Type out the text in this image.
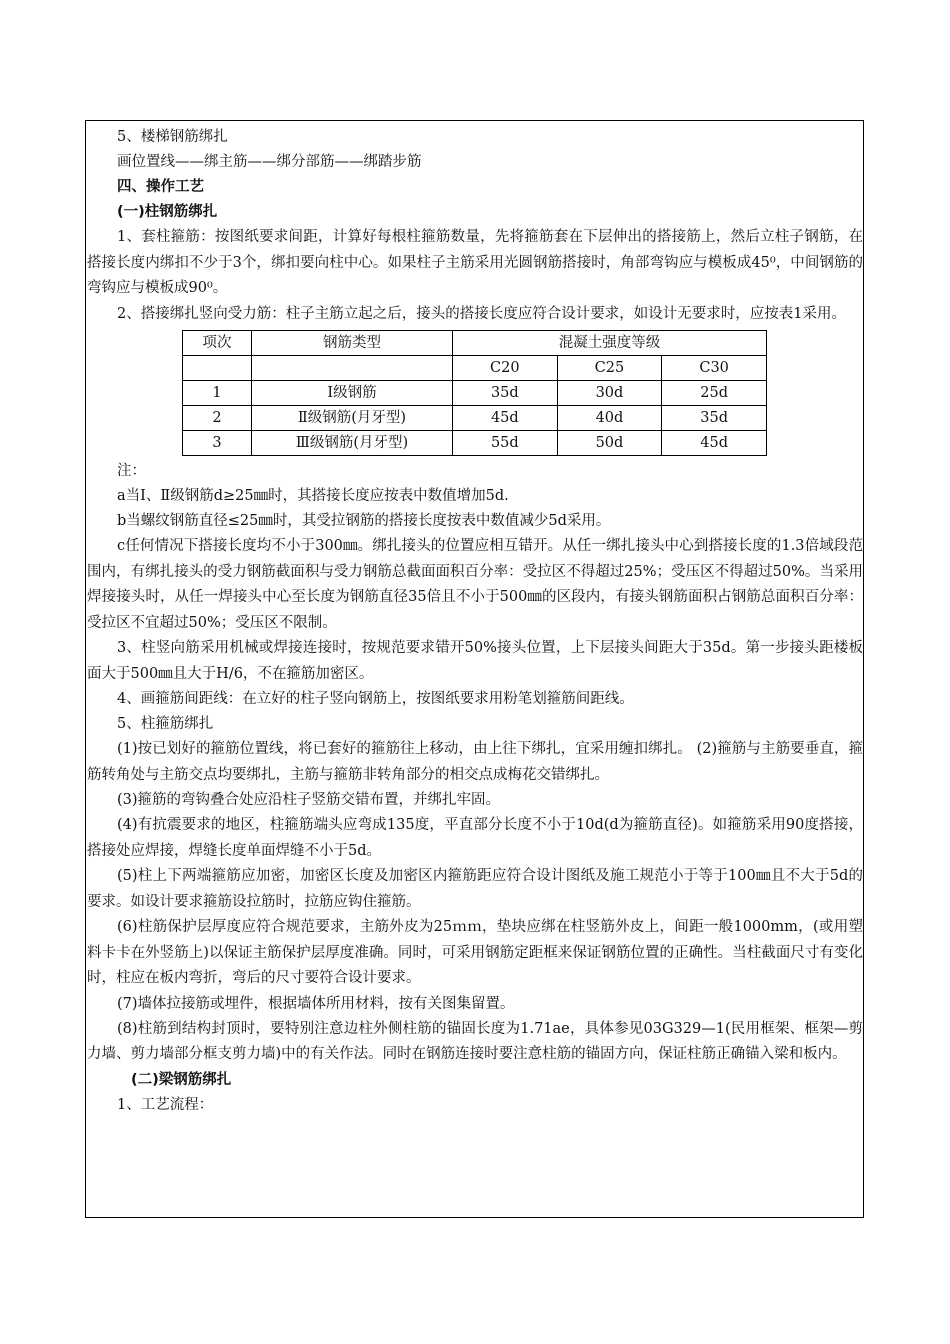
5、楼梯钢筋绑扎

画位置线——绑主筋——绑分部筋——绑踏步筋

四、操作工艺

(一)柱钢筋绑扎

1、套柱箍筋：按图纸要求间距，计算好每根柱箍筋数量，先将箍筋套在下层伸出的搭接筋上，然后立柱子钢筋，在搭接长度内绑扣不少于3个，绑扣要向柱中心。如果柱子主筋采用光圆钢筋搭接时，角部弯钩应与模板成45⁰，中间钢筋的弯钩应与模板成90⁰。

2、搭接绑扎竖向受力筋：柱子主筋立起之后，接头的搭接长度应符合设计要求，如设计无要求时，应按表1采用。

项次	钢筋类型	混凝土强度等级		
		C20	C25	C30
1	Ⅰ级钢筋	35d	30d	25d
2	Ⅱ级钢筋(月牙型)	45d	40d	35d
3	Ⅲ级钢筋(月牙型)	55d	50d	45d

注：

a当Ⅰ、Ⅱ级钢筋d≥25㎜时，其搭接长度应按表中数值增加5d.

b当螺纹钢筋直径≤25㎜时，其受拉钢筋的搭接长度按表中数值减少5d采用。

c任何情况下搭接长度均不小于300㎜。绑扎接头的位置应相互错开。从任一绑扎接头中心到搭接长度的1.3倍域段范围内，有绑扎接头的受力钢筋截面积与受力钢筋总截面面积百分率：受拉区不得超过25%；受压区不得超过50%。当采用焊接接头时，从任一焊接头中心至长度为钢筋直径35倍且不小于500㎜的区段内，有接头钢筋面积占钢筋总面积百分率：受拉区不宜超过50%；受压区不限制。

3、柱竖向筋采用机械或焊接连接时，按规范要求错开50%接头位置，上下层接头间距大于35d。第一步接头距楼板面大于500㎜且大于H/6，不在箍筋加密区。

4、画箍筋间距线：在立好的柱子竖向钢筋上，按图纸要求用粉笔划箍筋间距线。

5、柱箍筋绑扎

(1)按已划好的箍筋位置线，将已套好的箍筋往上移动，由上往下绑扎，宜采用缠扣绑扎。 (2)箍筋与主筋要垂直，箍筋转角处与主筋交点均要绑扎，主筋与箍筋非转角部分的相交点成梅花交错绑扎。

(3)箍筋的弯钩叠合处应沿柱子竖筋交错布置，并绑扎牢固。

(4)有抗震要求的地区，柱箍筋端头应弯成135度，平直部分长度不小于10d(d为箍筋直径)。如箍筋采用90度搭接，搭接处应焊接，焊缝长度单面焊缝不小于5d。

(5)柱上下两端箍筋应加密，加密区长度及加密区内箍筋距应符合设计图纸及施工规范小于等于100㎜且不大于5d的要求。如设计要求箍筋设拉筋时，拉筋应钩住箍筋。

(6)柱筋保护层厚度应符合规范要求，主筋外皮为25ｍｍ，垫块应绑在柱竖筋外皮上，间距一般1000mm，(或用塑料卡卡在外竖筋上)以保证主筋保护层厚度准确。同时，可采用钢筋定距框来保证钢筋位置的正确性。当柱截面尺寸有变化时，柱应在板内弯折，弯后的尺寸要符合设计要求。

(7)墙体拉接筋或埋件，根据墙体所用材料，按有关图集留置。

(8)柱筋到结构封顶时，要特别注意边柱外侧柱筋的锚固长度为1.71ae，具体参见03G329—1(民用框架、框架—剪力墙、剪力墙部分框支剪力墙)中的有关作法。同时在钢筋连接时要注意柱筋的锚固方向，保证柱筋正确锚入梁和板内。

(二)梁钢筋绑扎

1、工艺流程：
